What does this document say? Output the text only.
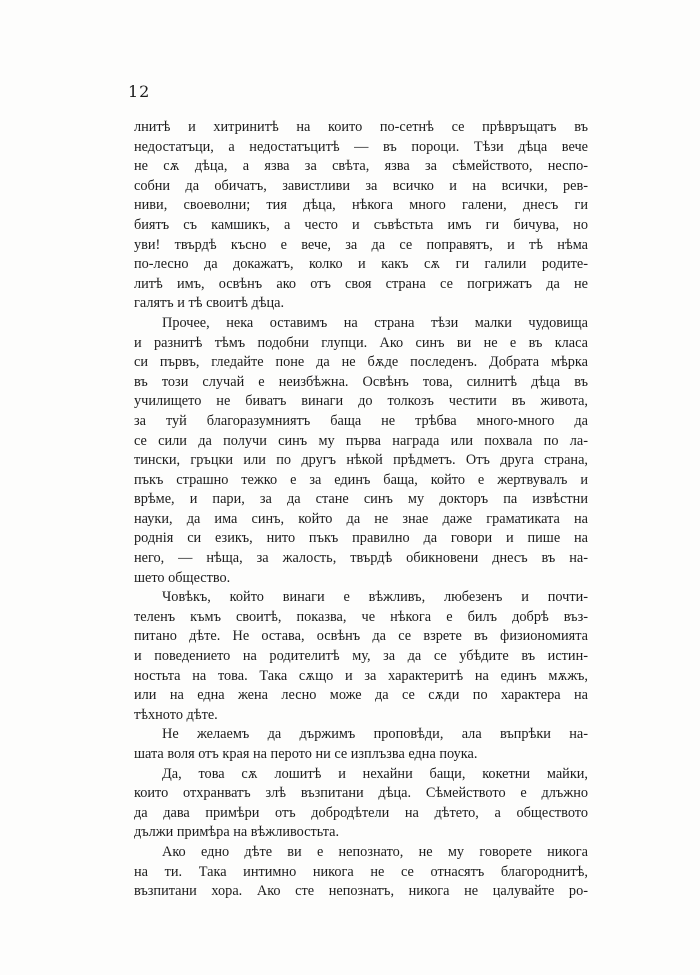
12
лнитѣ и хитринитѣ на които по-сетнѣ се прѣвръщатъ въ
недостатъци, а недостатъцитѣ — въ пороци. Тѣзи дѣца вече
не сѫ дѣца, а язва за свѣта, язва за сѣмейството, неспо-
собни да обичатъ, завистливи за всичко и на всички, рев-
ниви, своеволни; тия дѣца, нѣкога много галени, днесъ ги
биятъ съ камшикъ, а често и съвѣстьта имъ ги бичува, но
уви! твърдѣ късно е вече, за да се поправятъ, и тѣ нѣма
по-лесно да докажатъ, колко и какъ сѫ ги галили родите-
литѣ имъ, освѣнъ ако отъ своя страна се погрижатъ да не
галятъ и тѣ своитѣ дѣца.
Прочее, нека оставимъ на страна тѣзи малки чудовища
и разнитѣ тѣмъ подобни глупци. Ако синъ ви не е въ класа
си първъ, гледайте поне да не бѫде последенъ. Добрата мѣрка
въ този случай е неизбѣжна. Освѣнъ това, силнитѣ дѣца въ
училището не биватъ винаги до толкозъ честити въ живота,
за туй благоразумниятъ баща не трѣбва много-много да
се сили да получи синъ му първа награда или похвала по ла-
тински, гръцки или по другъ нѣкой прѣдметъ. Отъ друга страна,
пъкъ страшно тежко е за единъ баща, който е жертвувалъ и
врѣме, и пари, за да стане синъ му докторъ па извѣстни
науки, да има синъ, който да не знае даже граматиката на
роднія си езикъ, нито пъкъ правилно да говори и пише на
него, — нѣща, за жалость, твърдѣ обикновени днесъ въ на-
шето общество.
Човѣкъ, който винаги е вѣжливъ, любезенъ и почти-
теленъ къмъ своитѣ, показва, че нѣкога е билъ добрѣ въз-
питано дѣте. Не остава, освѣнъ да се взрете въ физиономията
и поведението на родителитѣ му, за да се убѣдите въ истин-
ностьта на това. Така сѫщо и за характеритѣ на единъ мѫжъ,
или на една жена лесно може да се сѫди по характера на
тѣхното дѣте.
Не желаемъ да държимъ проповѣди, ала въпрѣки на-
шата воля отъ края на перото ни се изплъзва една поука.
Да, това сѫ лошитѣ и нехайни бащи, кокетни майки,
които отхранватъ злѣ възпитани дѣца. Сѣмейството е длъжно
да дава примѣри отъ добродѣтели на дѣтето, а обществото
дължи примѣра на вѣжливостьта.
Ако едно дѣте ви е непознато, не му говорете никога
на ти. Така интимно никога не се отнасятъ благороднитѣ,
възпитани хора. Ако сте непознатъ, никога не цалувайте ро-
